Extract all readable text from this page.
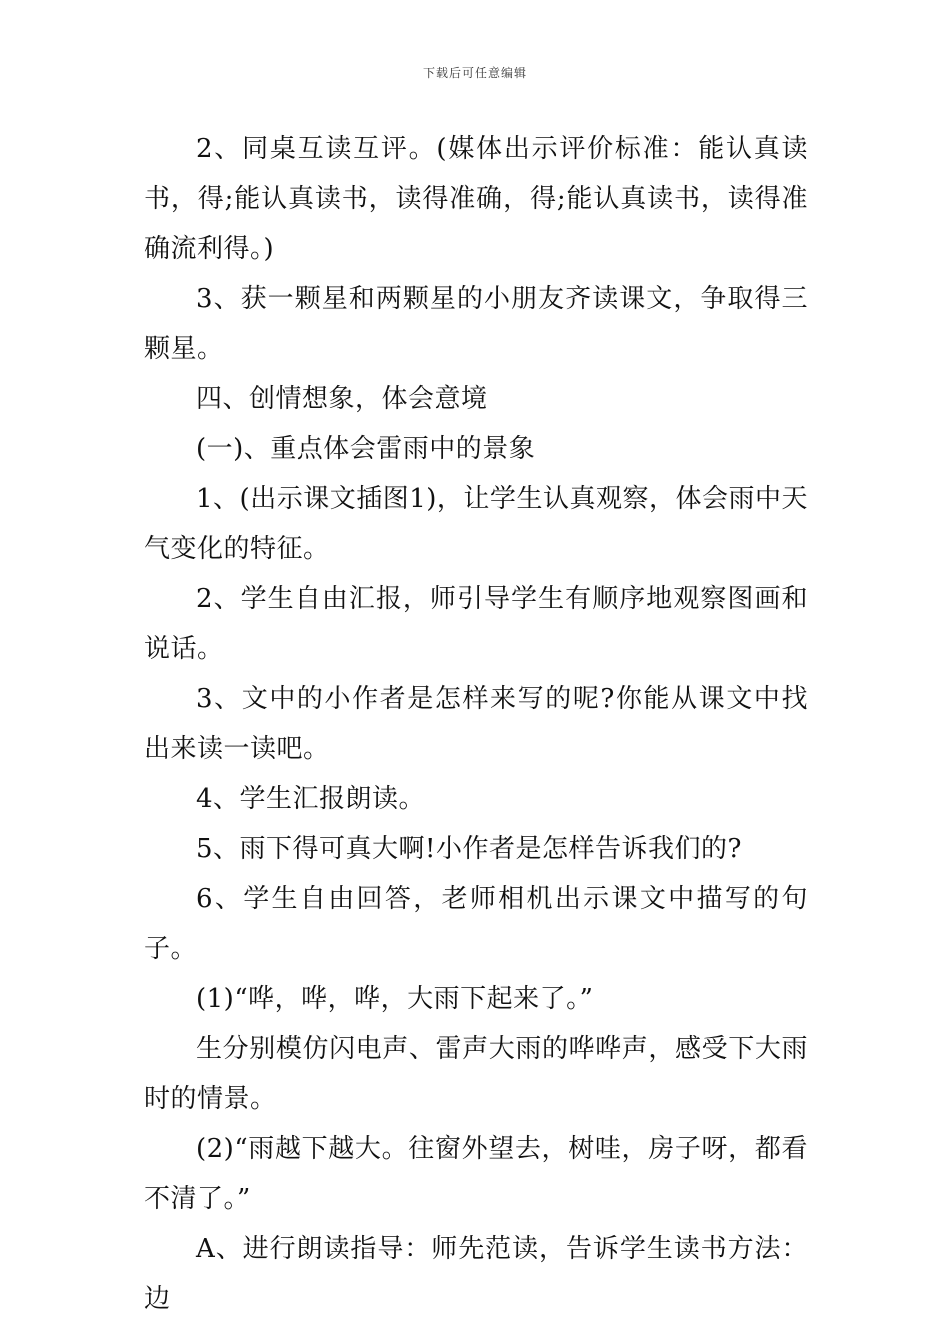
下载后可任意编辑

2、同桌互读互评。(媒体出示评价标准：能认真读书，得;能认真读书，读得准确，得;能认真读书，读得准确流利得。)

3、获一颗星和两颗星的小朋友齐读课文，争取得三颗星。

四、创情想象，体会意境

(一)、重点体会雷雨中的景象

1、(出示课文插图1)，让学生认真观察，体会雨中天气变化的特征。

2、学生自由汇报，师引导学生有顺序地观察图画和说话。

3、文中的小作者是怎样来写的呢?你能从课文中找出来读一读吧。

4、学生汇报朗读。

5、雨下得可真大啊!小作者是怎样告诉我们的?

6、学生自由回答，老师相机出示课文中描写的句子。

(1)“哗，哗，哗，大雨下起来了。”

生分别模仿闪电声、雷声大雨的哗哗声，感受下大雨时的情景。

(2)“雨越下越大。往窗外望去，树哇，房子呀，都看不清了。”

A、进行朗读指导：师先范读，告诉学生读书方法：边
